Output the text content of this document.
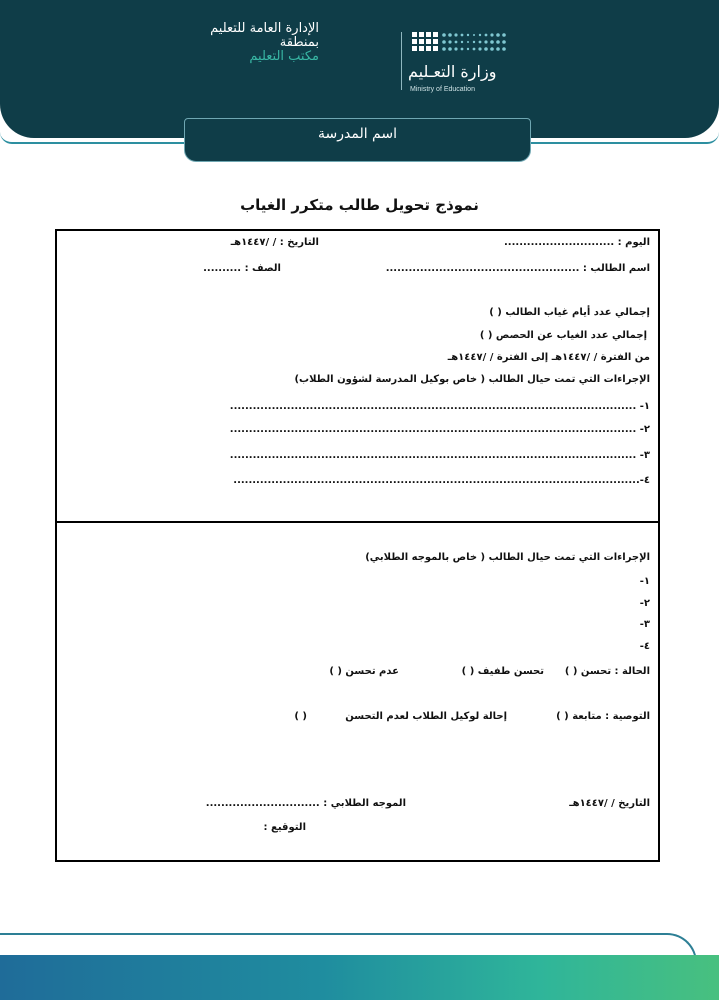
الإدارة العامة للتعليم
بمنطقة
مكتب التعليم
وزارة التعـليم
Ministry of Education
اسم المدرسة
نموذج تحويل طالب متكرر الغياب
اليوم : .............................
التاريخ : / /١٤٤٧هـ
اسم الطالب : ...................................................
الصف : ..........
إجمالي عدد أيام غياب الطالب ( )
إجمالي عدد الغياب عن الحصص ( )
من الفترة / /١٤٤٧هـ إلى الفترة / /١٤٤٧هـ
الإجراءات التي تمت حيال الطالب ( خاص بوكيل المدرسة لشؤون الطلاب)
١- ...........................................................................................................
٢- ...........................................................................................................
٣- ...........................................................................................................
٤-...........................................................................................................
الإجراءات التي تمت حيال الطالب ( خاص بالموجه الطلابي)
١-
٢-
٣-
٤-
الحالة : تحسن ( )
تحسن طفيف ( )
عدم تحسن ( )
التوصية : متابعة ( )
إحالة لوكيل الطلاب لعدم التحسن
( )
التاريخ / /١٤٤٧هـ
الموجه الطلابي : ..............................
التوقيع :
